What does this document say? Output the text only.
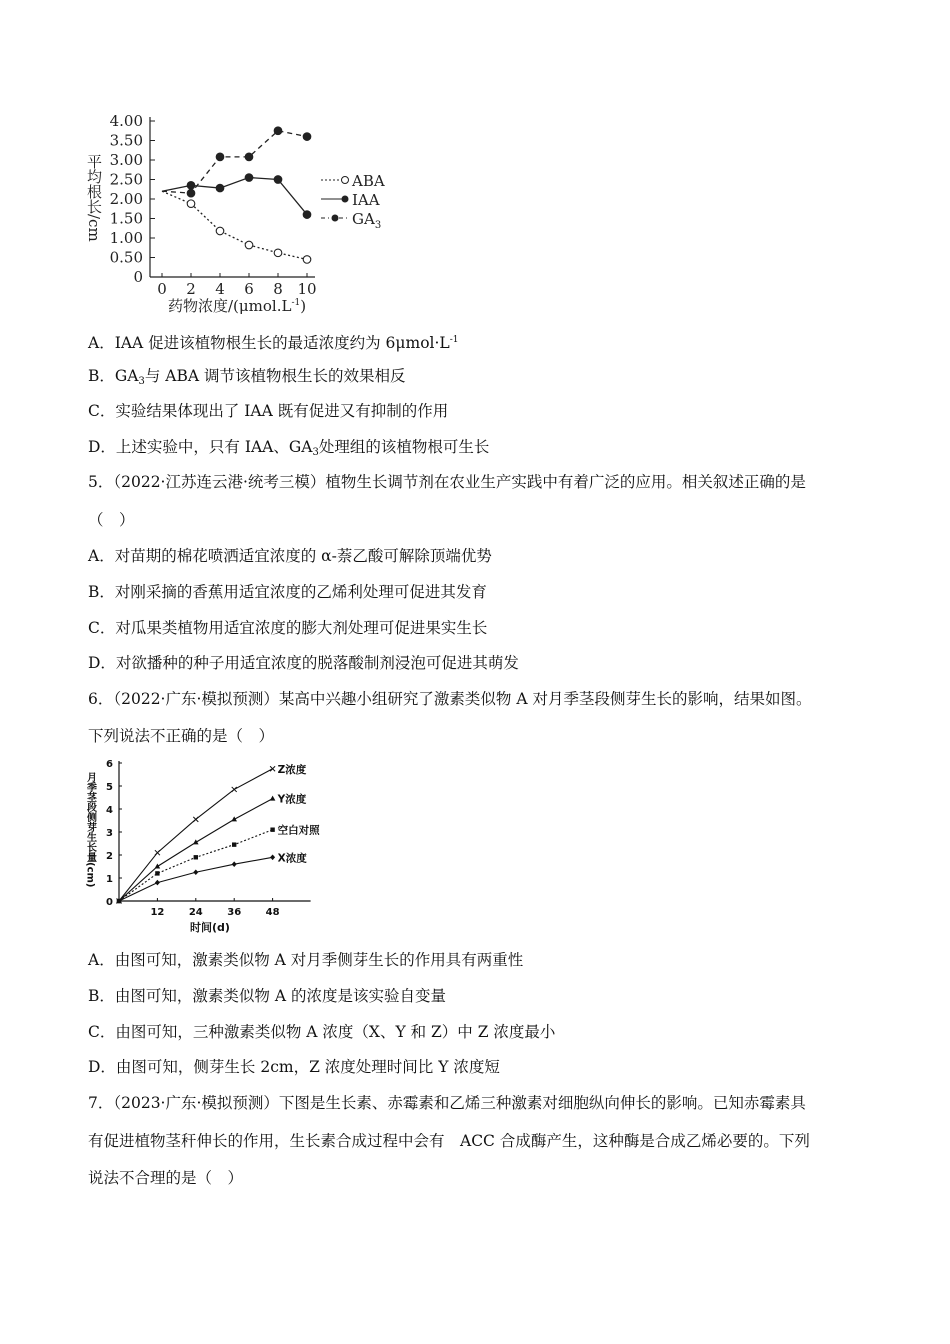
0
0.50
1.00
1.50
2.00
2.50
3.00
3.50
4.00
0 2 4 6 8 10
平均根长/cm
药物浓度$/(\mu mol.L^{-1})$
ABA
IAA
$GA_3$
A．IAA 促进该植物根生长的最适浓度约为 $6\mu mol\cdot L^{-1}$
B．$GA_3$与 ABA 调节该植物根生长的效果相反
C．实验结果体现出了 IAA 既有促进又有抑制的作用
D．上述实验中，只有 IAA、$GA_3$处理组的该植物根可生长
5．（2022·江苏连云港·统考三模）植物生长调节剂在农业生产实践中有着广泛的应用。相关叙述正确的是
（　）
A．对苗期的棉花喷洒适宜浓度的 α-萘乙酸可解除顶端优势
B．对刚采摘的香蕉用适宜浓度的乙烯利处理可促进其发育
C．对瓜果类植物用适宜浓度的膨大剂处理可促进果实生长
D．对欲播种的种子用适宜浓度的脱落酸制剂浸泡可促进其萌发
6．（2022·广东·模拟预测）某高中兴趣小组研究了激素类似物 A 对月季茎段侧芽生长的影响，结果如图。
下列说法不正确的是（　）
0
1
2
3
4
5
6
12 24 36 48
Z浓度
Y浓度
空白对照
X浓度
月季茎段侧芽生长量(cm)
时间(d)
A．由图可知，激素类似物 A 对月季侧芽生长的作用具有两重性
B．由图可知，激素类似物 A 的浓度是该实验自变量
C．由图可知，三种激素类似物 A 浓度（X、Y 和 Z）中 Z 浓度最小
D．由图可知，侧芽生长 2cm，Z 浓度处理时间比 Y 浓度短
7．（2023·广东·模拟预测）下图是生长素、赤霉素和乙烯三种激素对细胞纵向伸长的影响。已知赤霉素具
有促进植物茎秆伸长的作用，生长素合成过程中会有　ACC 合成酶产生，这种酶是合成乙烯必要的。下列
说法不合理的是（　）
